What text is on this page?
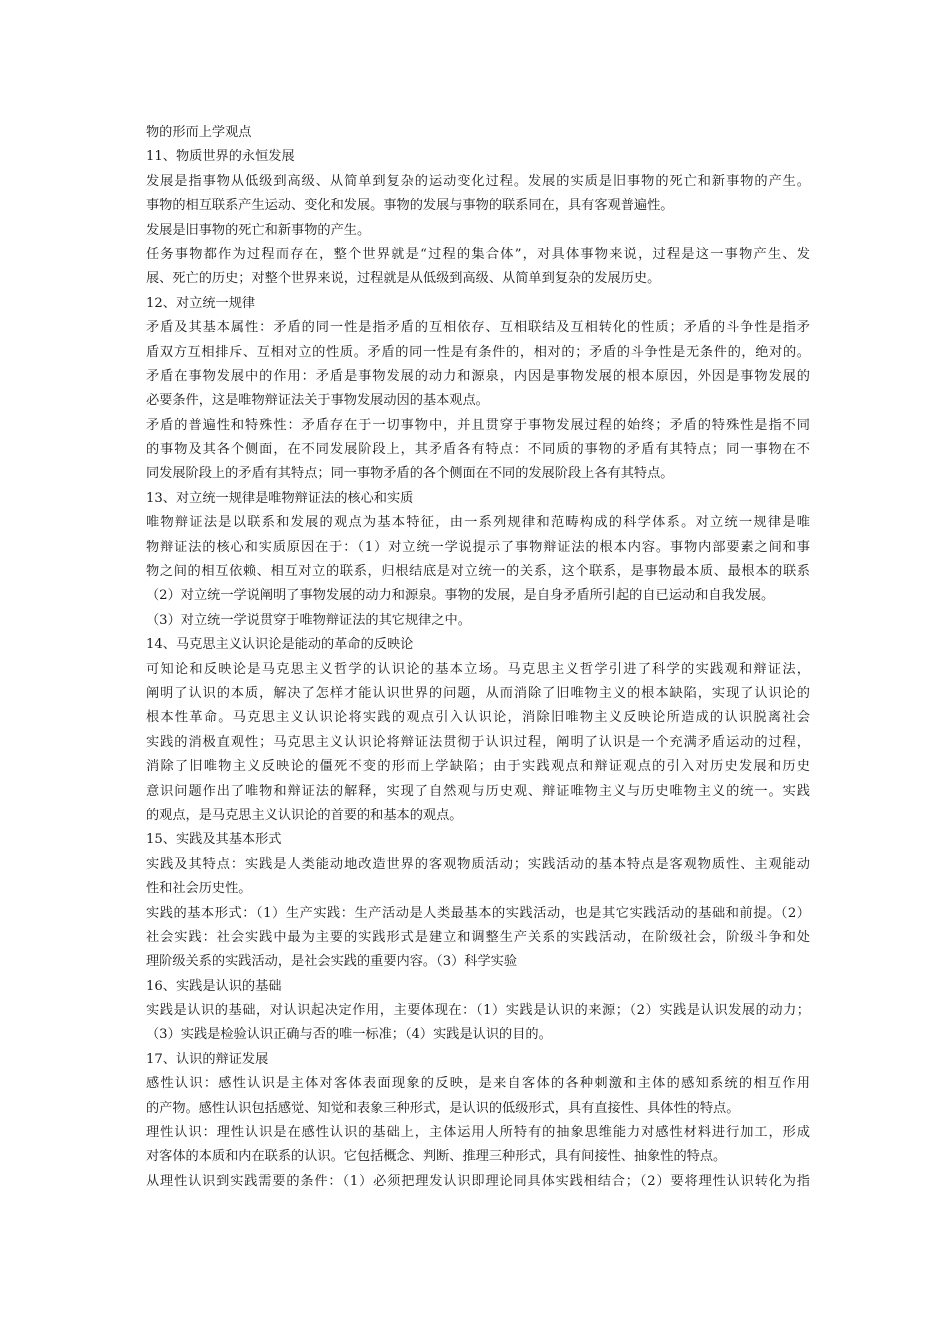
物的形而上学观点
11、物质世界的永恒发展
发展是指事物从低级到高级、从简单到复杂的运动变化过程。发展的实质是旧事物的死亡和新事物的产生。
事物的相互联系产生运动、变化和发展。事物的发展与事物的联系同在，具有客观普遍性。
发展是旧事物的死亡和新事物的产生。
任务事物都作为过程而存在，整个世界就是“过程的集合体”，对具体事物来说，过程是这一事物产生、发
展、死亡的历史；对整个世界来说，过程就是从低级到高级、从简单到复杂的发展历史。
12、对立统一规律
矛盾及其基本属性：矛盾的同一性是指矛盾的互相依存、互相联结及互相转化的性质；矛盾的斗争性是指矛
盾双方互相排斥、互相对立的性质。矛盾的同一性是有条件的，相对的；矛盾的斗争性是无条件的，绝对的。
矛盾在事物发展中的作用：矛盾是事物发展的动力和源泉，内因是事物发展的根本原因，外因是事物发展的
必要条件，这是唯物辩证法关于事物发展动因的基本观点。
矛盾的普遍性和特殊性：矛盾存在于一切事物中，并且贯穿于事物发展过程的始终；矛盾的特殊性是指不同
的事物及其各个侧面，在不同发展阶段上，其矛盾各有特点：不同质的事物的矛盾有其特点；同一事物在不
同发展阶段上的矛盾有其特点；同一事物矛盾的各个侧面在不同的发展阶段上各有其特点。
13、对立统一规律是唯物辩证法的核心和实质
唯物辩证法是以联系和发展的观点为基本特征，由一系列规律和范畴构成的科学体系。对立统一规律是唯
物辩证法的核心和实质原因在于：（1）对立统一学说提示了事物辩证法的根本内容。事物内部要素之间和事
物之间的相互依赖、相互对立的联系，归根结底是对立统一的关系，这个联系，是事物最本质、最根本的联系
（2）对立统一学说阐明了事物发展的动力和源泉。事物的发展，是自身矛盾所引起的自已运动和自我发展。
（3）对立统一学说贯穿于唯物辩证法的其它规律之中。
14、马克思主义认识论是能动的革命的反映论
可知论和反映论是马克思主义哲学的认识论的基本立场。马克思主义哲学引进了科学的实践观和辩证法，
阐明了认识的本质，解决了怎样才能认识世界的问题，从而消除了旧唯物主义的根本缺陷，实现了认识论的
根本性革命。马克思主义认识论将实践的观点引入认识论，消除旧唯物主义反映论所造成的认识脱离社会
实践的消极直观性；马克思主义认识论将辩证法贯彻于认识过程，阐明了认识是一个充满矛盾运动的过程，
消除了旧唯物主义反映论的僵死不变的形而上学缺陷；由于实践观点和辩证观点的引入对历史发展和历史
意识问题作出了唯物和辩证法的解释，实现了自然观与历史观、辩证唯物主义与历史唯物主义的统一。实践
的观点，是马克思主义认识论的首要的和基本的观点。
15、实践及其基本形式
实践及其特点：实践是人类能动地改造世界的客观物质活动；实践活动的基本特点是客观物质性、主观能动
性和社会历史性。
实践的基本形式：（1）生产实践：生产活动是人类最基本的实践活动，也是其它实践活动的基础和前提。（2）
社会实践：社会实践中最为主要的实践形式是建立和调整生产关系的实践活动，在阶级社会，阶级斗争和处
理阶级关系的实践活动，是社会实践的重要内容。（3）科学实验
16、实践是认识的基础
实践是认识的基础，对认识起决定作用，主要体现在：（1）实践是认识的来源；（2）实践是认识发展的动力；
（3）实践是检验认识正确与否的唯一标准；（4）实践是认识的目的。
17、认识的辩证发展
感性认识：感性认识是主体对客体表面现象的反映，是来自客体的各种刺激和主体的感知系统的相互作用
的产物。感性认识包括感觉、知觉和表象三种形式，是认识的低级形式，具有直接性、具体性的特点。
理性认识：理性认识是在感性认识的基础上，主体运用人所特有的抽象思维能力对感性材料进行加工，形成
对客体的本质和内在联系的认识。它包括概念、判断、推理三种形式，具有间接性、抽象性的特点。
从理性认识到实践需要的条件：（1）必须把理发认识即理论同具体实践相结合；（2）要将理性认识转化为指
